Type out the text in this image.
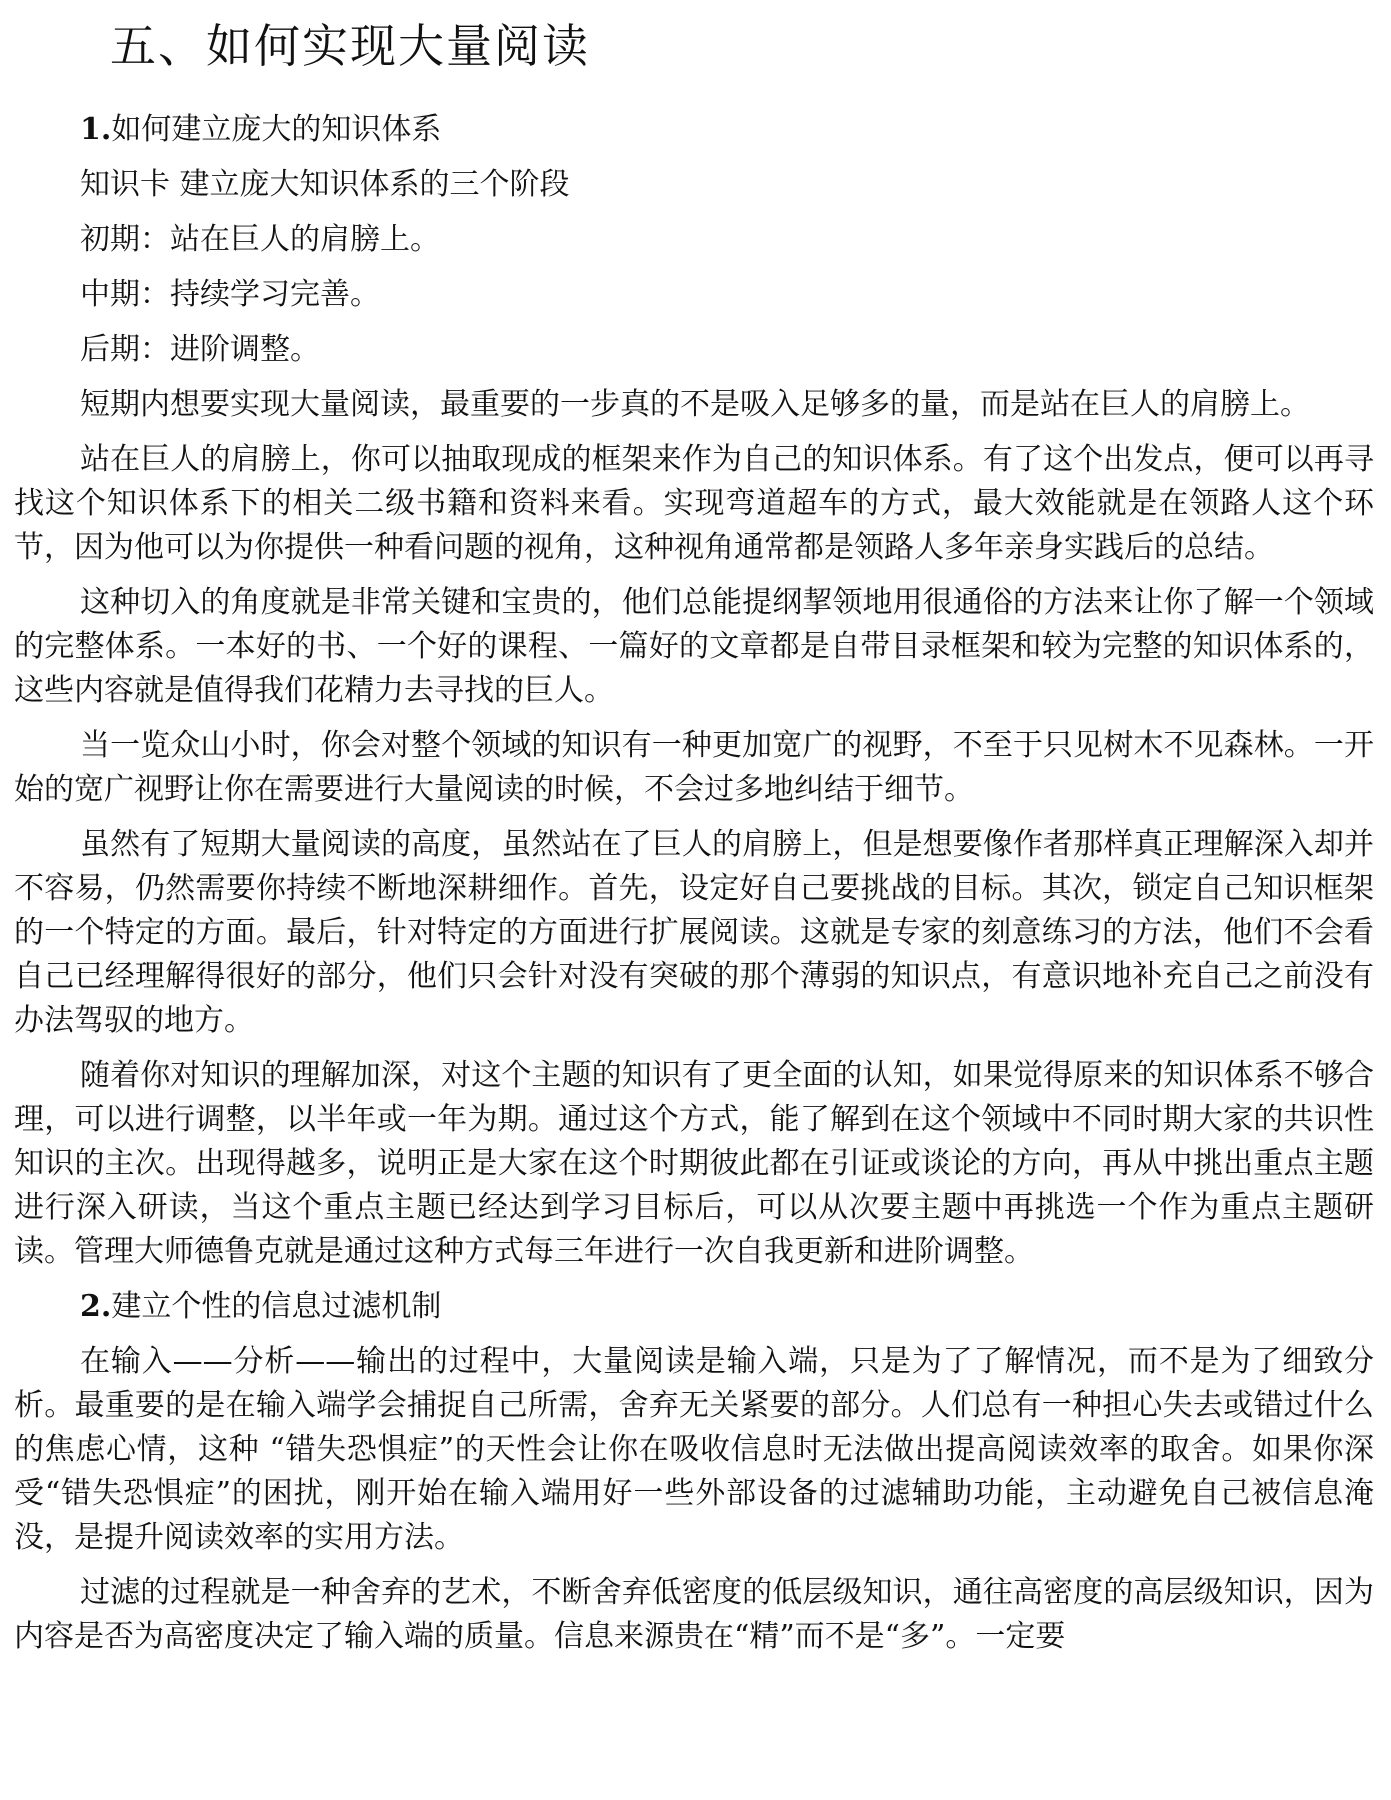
五、如何实现大量阅读

1.如何建立庞大的知识体系

知识卡 建立庞大知识体系的三个阶段

初期：站在巨人的肩膀上。

中期：持续学习完善。

后期：进阶调整。

短期内想要实现大量阅读，最重要的一步真的不是吸入足够多的量，而是站在巨人的肩膀上。

站在巨人的肩膀上，你可以抽取现成的框架来作为自己的知识体系。有了这个出发点，便可以再寻找这个知识体系下的相关二级书籍和资料来看。实现弯道超车的方式，最大效能就是在领路人这个环节，因为他可以为你提供一种看问题的视角，这种视角通常都是领路人多年亲身实践后的总结。

这种切入的角度就是非常关键和宝贵的，他们总能提纲挈领地用很通俗的方法来让你了解一个领域的完整体系。一本好的书、一个好的课程、一篇好的文章都是自带目录框架和较为完整的知识体系的，这些内容就是值得我们花精力去寻找的巨人。

当一览众山小时，你会对整个领域的知识有一种更加宽广的视野，不至于只见树木不见森林。一开始的宽广视野让你在需要进行大量阅读的时候，不会过多地纠结于细节。

虽然有了短期大量阅读的高度，虽然站在了巨人的肩膀上，但是想要像作者那样真正理解深入却并不容易，仍然需要你持续不断地深耕细作。首先，设定好自己要挑战的目标。其次，锁定自己知识框架的一个特定的方面。最后，针对特定的方面进行扩展阅读。这就是专家的刻意练习的方法，他们不会看自己已经理解得很好的部分，他们只会针对没有突破的那个薄弱的知识点，有意识地补充自己之前没有办法驾驭的地方。

随着你对知识的理解加深，对这个主题的知识有了更全面的认知，如果觉得原来的知识体系不够合理，可以进行调整，以半年或一年为期。通过这个方式，能了解到在这个领域中不同时期大家的共识性知识的主次。出现得越多，说明正是大家在这个时期彼此都在引证或谈论的方向，再从中挑出重点主题进行深入研读，当这个重点主题已经达到学习目标后，可以从次要主题中再挑选一个作为重点主题研读。管理大师德鲁克就是通过这种方式每三年进行一次自我更新和进阶调整。

2.建立个性的信息过滤机制

在输入——分析——输出的过程中，大量阅读是输入端，只是为了了解情况，而不是为了细致分析。最重要的是在输入端学会捕捉自己所需，舍弃无关紧要的部分。人们总有一种担心失去或错过什么的焦虑心情，这种 “错失恐惧症”的天性会让你在吸收信息时无法做出提高阅读效率的取舍。如果你深受“错失恐惧症”的困扰，刚开始在输入端用好一些外部设备的过滤辅助功能，主动避免自己被信息淹没，是提升阅读效率的实用方法。

过滤的过程就是一种舍弃的艺术，不断舍弃低密度的低层级知识，通往高密度的高层级知识，因为内容是否为高密度决定了输入端的质量。信息来源贵在“精”而不是“多”。一定要
